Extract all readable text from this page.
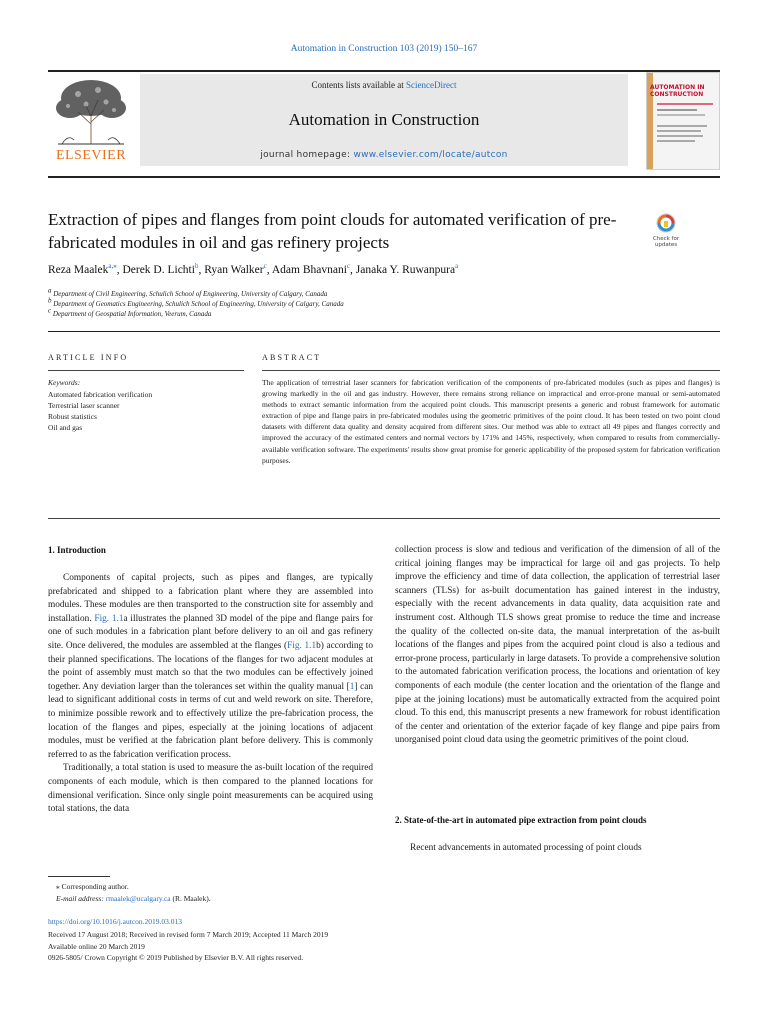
Automation in Construction 103 (2019) 150–167
ELSEVIER
Contents lists available at ScienceDirect
Automation in Construction
journal homepage: www.elsevier.com/locate/autcon
AUTOMATION IN CONSTRUCTION
Extraction of pipes and flanges from point clouds for automated verification of pre-fabricated modules in oil and gas refinery projects	Check for updates
Reza Maalek$^{a,⁎}$, Derek D. Lichti$^b$, Ryan Walker$^c$, Adam Bhavnani$^c$, Janaka Y. Ruwanpura$^a$
$^a$ Department of Civil Engineering, Schulich School of Engineering, University of Calgary, Canada
$^b$ Department of Geomatics Engineering, Schulich School of Engineering, University of Calgary, Canada
$^c$ Department of Geospatial Information, Veerum, Canada
ARTICLE INFO	ABSTRACT
Keywords:
Automated fabrication verification
Terrestrial laser scanner
Robust statistics
Oil and gas
The application of terrestrial laser scanners for fabrication verification of the components of pre-fabricated modules (such as pipes and flanges) is growing markedly in the oil and gas industry. However, there remains strong reliance on impractical and error-prone manual or semi-automated methods to extract semantic information from the acquired point clouds. This manuscript presents a generic and robust framework for automatic extraction of pipe and flange pairs in pre-fabricated modules using the geometric primitives of the point cloud. It has been tested on two point cloud datasets with different data quality and density acquired from different sites. Our method was able to extract all 49 pipes and flanges correctly and improved the accuracy of the estimated centers and normal vectors by 171% and 145%, respectively, when compared to results from commercially-available verification software. The experiments' results show great promise for generic applicability of the proposed system for fabrication verification purposes.
1. Introduction

Components of capital projects, such as pipes and flanges, are typically prefabricated and shipped to a fabrication plant where they are assembled into modules. These modules are then transported to the construction site for assembly and installation. Fig. 1.1a illustrates the planned 3D model of the pipe and flange pairs for one of such modules in a fabrication plant before delivery to an oil and gas refinery site. Once delivered, the modules are assembled at the flanges (Fig. 1.1b) according to their planned specifications. The locations of the flanges for two adjacent modules at the point of assembly must match so that the two modules can be effectively joined together. Any deviation larger than the tolerances set within the quality manual [1] can lead to significant additional costs in terms of cut and weld rework on site. Therefore, to minimize possible rework and to effectively utilize the pre-fabrication process, the location of the flanges and pipes, especially at the joining locations of adjacent modules, must be verified at the fabrication plant before delivery. This is commonly referred to as the fabrication verification process.

Traditionally, a total station is used to measure the as-built location of the required components of each module, which is then compared to the planned locations for dimensional verification. Since only single point measurements can be acquired using total stations, the data

collection process is slow and tedious and verification of the dimension of all of the critical joining flanges may be impractical for large oil and gas projects. To help improve the efficiency and time of data collection, the application of terrestrial laser scanners (TLSs) for as-built documentation has gained interest in the industry, especially with the recent advancements in data quality, data acquisition rate and instrument cost. Although TLS shows great promise to reduce the time and increase the quality of the collected on-site data, the manual interpretation of the as-built locations of the flanges and pipes from the acquired point cloud is also a tedious and error-prone process, particularly in large datasets. To provide a comprehensive solution to the automated fabrication verification process, the locations and orientation of key components of each module (the center location and the orientation of the flange and pipe at the joining locations) must be automatically extracted from the acquired point cloud. To this end, this manuscript presents a new framework for robust identification of the center and orientation of the exterior façade of key flange and pipe pairs from unorganised point cloud data using the geometric primitives of the point cloud.

2. State-of-the-art in automated pipe extraction from point clouds

Recent advancements in automated processing of point clouds

⁎ Corresponding author.
E-mail address: rmaalek@ucalgary.ca (R. Maalek).
https://doi.org/10.1016/j.autcon.2019.03.013
Received 17 August 2018; Received in revised form 7 March 2019; Accepted 11 March 2019
Available online 20 March 2019
0926-5805/ Crown Copyright © 2019 Published by Elsevier B.V. All rights reserved.
